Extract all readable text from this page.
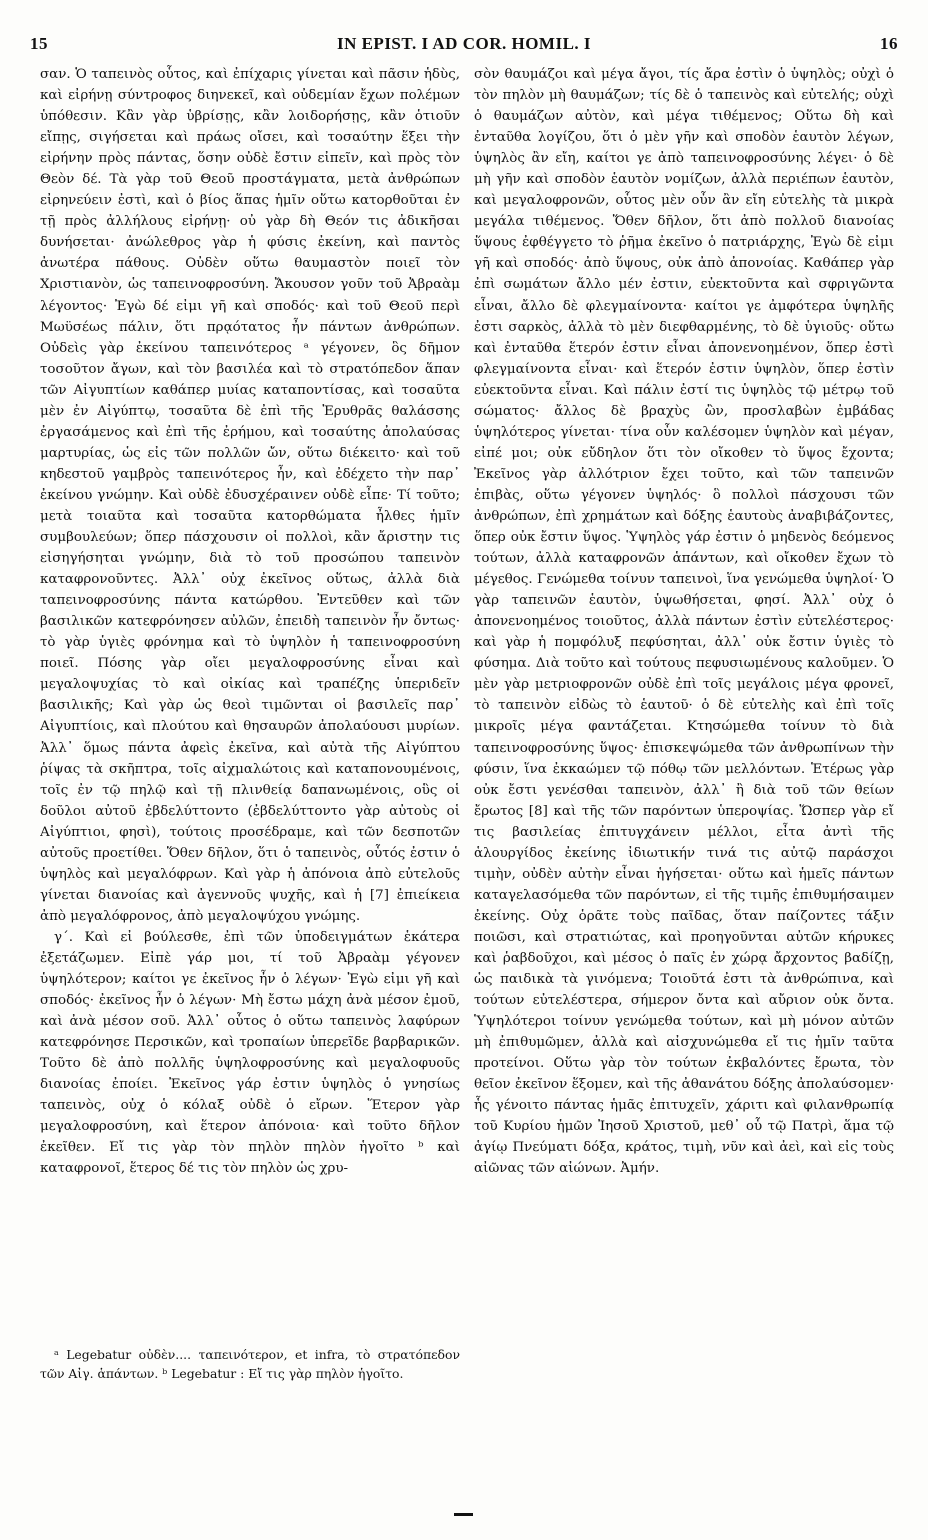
15	IN EPIST. I AD COR. HOMIL. I	16

σαν. Ὁ ταπεινὸς οὗτος, καὶ ἐπίχαρις γίνεται καὶ πᾶσιν ἡδὺς, καὶ εἰρήνῃ σύντροφος διηνεκεῖ, καὶ οὐδεμίαν ἔχων πολέμων ὑπόθεσιν. Κἂν γὰρ ὑβρίσῃς, κἂν λοιδορήσῃς, κἂν ὁτιοῦν εἴπῃς, σιγήσεται καὶ πράως οἴσει, καὶ τοσαύτην ἕξει τὴν εἰρήνην πρὸς πάντας, ὅσην οὐδὲ ἔστιν εἰπεῖν, καὶ πρὸς τὸν Θεὸν δέ. Τὰ γὰρ τοῦ Θεοῦ προστάγματα, μετὰ ἀνθρώπων εἰρηνεύειν ἐστὶ, καὶ ὁ βίος ἅπας ἡμῖν οὕτω κατορθοῦται ἐν τῇ πρὸς ἀλλήλους εἰρήνῃ· οὐ γὰρ δὴ Θεόν τις ἀδικῆσαι δυνήσεται· ἀνώλεθρος γὰρ ἡ φύσις ἐκείνη, καὶ παντὸς ἀνωτέρα πάθους. Οὐδὲν οὕτω θαυμαστὸν ποιεῖ τὸν Χριστιανὸν, ὡς ταπεινοφροσύνη. Ἄκουσον γοῦν τοῦ Ἀβραὰμ λέγοντος· Ἐγὼ δέ εἰμι γῆ καὶ σποδός· καὶ τοῦ Θεοῦ περὶ Μωϋσέως πάλιν, ὅτι πρᾳότατος ἦν πάντων ἀνθρώπων. Οὐδεὶς γὰρ ἐκείνου ταπεινότερος ᵃ γέγονεν, ὃς δῆμον τοσοῦτον ἄγων, καὶ τὸν βασιλέα καὶ τὸ στρατόπεδον ἅπαν τῶν Αἰγυπτίων καθάπερ μυίας καταποντίσας, καὶ τοσαῦτα μὲν ἐν Αἰγύπτῳ, τοσαῦτα δὲ ἐπὶ τῆς Ἐρυθρᾶς θαλάσσης ἐργασάμενος καὶ ἐπὶ τῆς ἐρήμου, καὶ τοσαύτης ἀπολαύσας μαρτυρίας, ὡς εἰς τῶν πολλῶν ὤν, οὕτω διέκειτο· καὶ τοῦ κηδεστοῦ γαμβρὸς ταπεινότερος ἦν, καὶ ἐδέχετο τὴν παρ᾽ ἐκείνου γνώμην. Καὶ οὐδὲ ἐδυσχέραινεν οὐδὲ εἶπε· Τί τοῦτο; μετὰ τοιαῦτα καὶ τοσαῦτα κατορθώματα ἦλθες ἡμῖν συμβουλεύων; ὅπερ πάσχουσιν οἱ πολλοὶ, κἂν ἄριστην τις εἰσηγήσηται γνώμην, διὰ τὸ τοῦ προσώπου ταπεινὸν καταφρονοῦντες. Ἀλλ᾽ οὐχ ἐκεῖνος οὕτως, ἀλλὰ διὰ ταπεινοφροσύνης πάντα κατώρθου. Ἐντεῦθεν καὶ τῶν βασιλικῶν κατεφρόνησεν αὐλῶν, ἐπειδὴ ταπεινὸν ἦν ὄντως· τὸ γὰρ ὑγιὲς φρόνημα καὶ τὸ ὑψηλὸν ἡ ταπεινοφροσύνη ποιεῖ. Πόσης γὰρ οἴει μεγαλοφροσύνης εἶναι καὶ μεγαλοψυχίας τὸ καὶ οἰκίας καὶ τραπέζης ὑπεριδεῖν βασιλικῆς; Καὶ γὰρ ὡς θεοὶ τιμῶνται οἱ βασιλεῖς παρ᾽ Αἰγυπτίοις, καὶ πλούτου καὶ θησαυρῶν ἀπολαύουσι μυρίων. Ἀλλ᾽ ὅμως πάντα ἀφεὶς ἐκεῖνα, καὶ αὐτὰ τῆς Αἰγύπτου ῥίψας τὰ σκῆπτρα, τοῖς αἰχμαλώτοις καὶ καταπονουμένοις, τοῖς ἐν τῷ πηλῷ καὶ τῇ πλινθείᾳ δαπανωμένοις, οὓς οἱ δοῦλοι αὐτοῦ ἐβδελύττοντο (ἐβδελύττοντο γὰρ αὐτοὺς οἱ Αἰγύπτιοι, φησὶ), τούτοις προσέδραμε, καὶ τῶν δεσποτῶν αὐτοῦς προετίθει. Ὅθεν δῆλον, ὅτι ὁ ταπεινὸς, οὗτός ἐστιν ὁ ὑψηλὸς καὶ μεγαλόφρων. Καὶ γὰρ ἡ ἀπόνοια ἀπὸ εὐτελοῦς γίνεται διανοίας καὶ ἀγεννοῦς ψυχῆς, καὶ ἡ [7] ἐπιείκεια ἀπὸ μεγαλόφρονος, ἀπὸ μεγαλοψύχου γνώμης.

γ΄. Καὶ εἰ βούλεσθε, ἐπὶ τῶν ὑποδειγμάτων ἑκάτερα ἐξετάζωμεν. Εἰπὲ γάρ μοι, τί τοῦ Ἀβραὰμ γέγονεν ὑψηλότερον; καίτοι γε ἐκεῖνος ἦν ὁ λέγων· Ἐγὼ εἰμι γῆ καὶ σποδός· ἐκεῖνος ἦν ὁ λέγων· Μὴ ἔστω μάχη ἀνὰ μέσον ἐμοῦ, καὶ ἀνὰ μέσον σοῦ. Ἀλλ᾽ οὗτος ὁ οὕτω ταπεινὸς λαφύρων κατεφρόνησε Περσικῶν, καὶ τροπαίων ὑπερεῖδε βαρβαρικῶν. Τοῦτο δὲ ἀπὸ πολλῆς ὑψηλοφροσύνης καὶ μεγαλοφυοῦς διανοίας ἐποίει. Ἐκεῖνος γάρ ἐστιν ὑψηλὸς ὁ γνησίως ταπεινὸς, οὐχ ὁ κόλαξ οὐδὲ ὁ εἴρων. Ἕτερον γὰρ μεγαλοφροσύνη, καὶ ἕτερον ἀπόνοια· καὶ τοῦτο δῆλον ἐκεῖθεν. Εἴ τις γὰρ τὸν πηλὸν πηλὸν ἡγοῖτο ᵇ καὶ καταφρονοῖ, ἕτερος δέ τις τὸν πηλὸν ὡς χρυ-

σὸν θαυμάζοι καὶ μέγα ἄγοι, τίς ἄρα ἐστὶν ὁ ὑψηλὸς; οὐχὶ ὁ τὸν πηλὸν μὴ θαυμάζων; τίς δὲ ὁ ταπεινὸς καὶ εὐτελής; οὐχὶ ὁ θαυμάζων αὐτὸν, καὶ μέγα τιθέμενος; Οὕτω δὴ καὶ ἐνταῦθα λογίζου, ὅτι ὁ μὲν γῆν καὶ σποδὸν ἑαυτὸν λέγων, ὑψηλὸς ἂν εἴη, καίτοι γε ἀπὸ ταπεινοφροσύνης λέγει· ὁ δὲ μὴ γῆν καὶ σποδὸν ἑαυτὸν νομίζων, ἀλλὰ περιέπων ἑαυτὸν, καὶ μεγαλοφρονῶν, οὗτος μὲν οὖν ἂν εἴη εὐτελὴς τὰ μικρὰ μεγάλα τιθέμενος. Ὅθεν δῆλον, ὅτι ἀπὸ πολλοῦ διανοίας ὕψους ἐφθέγγετο τὸ ῥῆμα ἐκεῖνο ὁ πατριάρχης, Ἐγὼ δὲ εἰμι γῆ καὶ σποδός· ἀπὸ ὕψους, οὐκ ἀπὸ ἀπονοίας. Καθάπερ γὰρ ἐπὶ σωμάτων ἄλλο μέν ἐστιν, εὐεκτοῦντα καὶ σφριγῶντα εἶναι, ἄλλο δὲ φλεγμαίνοντα· καίτοι γε ἀμφότερα ὑψηλῆς ἐστι σαρκὸς, ἀλλὰ τὸ μὲν διεφθαρμένης, τὸ δὲ ὑγιοῦς· οὕτω καὶ ἐνταῦθα ἕτερόν ἐστιν εἶναι ἀπονενοημένον, ὅπερ ἐστὶ φλεγμαίνοντα εἶναι· καὶ ἕτερόν ἐστιν ὑψηλὸν, ὅπερ ἐστὶν εὐεκτοῦντα εἶναι. Καὶ πάλιν ἐστί τις ὑψηλὸς τῷ μέτρῳ τοῦ σώματος· ἄλλος δὲ βραχὺς ὢν, προσλαβὼν ἐμβάδας ὑψηλότερος γίνεται· τίνα οὖν καλέσομεν ὑψηλὸν καὶ μέγαν, εἰπέ μοι; οὐκ εὔδηλον ὅτι τὸν οἴκοθεν τὸ ὕψος ἔχοντα; Ἐκεῖνος γὰρ ἀλλότριον ἔχει τοῦτο, καὶ τῶν ταπεινῶν ἐπιβὰς, οὕτω γέγονεν ὑψηλός· ὃ πολλοὶ πάσχουσι τῶν ἀνθρώπων, ἐπὶ χρημάτων καὶ δόξης ἑαυτοὺς ἀναβιβάζοντες, ὅπερ οὐκ ἔστιν ὕψος. Ὑψηλὸς γάρ ἐστιν ὁ μηδενὸς δεόμενος τούτων, ἀλλὰ καταφρονῶν ἁπάντων, καὶ οἴκοθεν ἔχων τὸ μέγεθος. Γενώμεθα τοίνυν ταπεινοὶ, ἵνα γενώμεθα ὑψηλοί· Ὁ γὰρ ταπεινῶν ἑαυτὸν, ὑψωθήσεται, φησί. Ἀλλ᾽ οὐχ ὁ ἀπονενοημένος τοιοῦτος, ἀλλὰ πάντων ἐστὶν εὐτελέστερος· καὶ γὰρ ἡ πομφόλυξ πεφύσηται, ἀλλ᾽ οὐκ ἔστιν ὑγιὲς τὸ φύσημα. Διὰ τοῦτο καὶ τούτους πεφυσιωμένους καλοῦμεν. Ὁ μὲν γὰρ μετριοφρονῶν οὐδὲ ἐπὶ τοῖς μεγάλοις μέγα φρονεῖ, τὸ ταπεινὸν εἰδὼς τὸ ἑαυτοῦ· ὁ δὲ εὐτελὴς καὶ ἐπὶ τοῖς μικροῖς μέγα φαντάζεται. Κτησώμεθα τοίνυν τὸ διὰ ταπεινοφροσύνης ὕψος· ἐπισκεψώμεθα τῶν ἀνθρωπίνων τὴν φύσιν, ἵνα ἐκκαώμεν τῷ πόθῳ τῶν μελλόντων. Ἑτέρως γὰρ οὐκ ἔστι γενέσθαι ταπεινὸν, ἀλλ᾽ ἢ διὰ τοῦ τῶν θείων ἔρωτος [8] καὶ τῆς τῶν παρόντων ὑπεροψίας. Ὥσπερ γὰρ εἴ τις βασιλείας ἐπιτυγχάνειν μέλλοι, εἶτα ἀντὶ τῆς ἁλουργίδος ἐκείνης ἰδιωτικήν τινά τις αὐτῷ παράσχοι τιμὴν, οὐδὲν αὐτὴν εἶναι ἡγήσεται· οὕτω καὶ ἡμεῖς πάντων καταγελασόμεθα τῶν παρόντων, εἰ τῆς τιμῆς ἐπιθυμήσαιμεν ἐκείνης. Οὐχ ὁρᾶτε τοὺς παῖδας, ὅταν παίζοντες τάξιν ποιῶσι, καὶ στρατιώτας, καὶ προηγοῦνται αὐτῶν κήρυκες καὶ ῥαβδοῦχοι, καὶ μέσος ὁ παῖς ἐν χώρᾳ ἄρχοντος βαδίζῃ, ὡς παιδικὰ τὰ γινόμενα; Τοιοῦτά ἐστι τὰ ἀνθρώπινα, καὶ τούτων εὐτελέστερα, σήμερον ὄντα καὶ αὔριον οὐκ ὄντα. Ὑψηλότεροι τοίνυν γενώμεθα τούτων, καὶ μὴ μόνον αὐτῶν μὴ ἐπιθυμῶμεν, ἀλλὰ καὶ αἰσχυνώμεθα εἴ τις ἡμῖν ταῦτα προτείνοι. Οὕτω γὰρ τὸν τούτων ἐκβαλόντες ἔρωτα, τὸν θεῖον ἐκεῖνον ἕξομεν, καὶ τῆς ἀθανάτου δόξης ἀπολαύσομεν· ἧς γένοιτο πάντας ἡμᾶς ἐπιτυχεῖν, χάριτι καὶ φιλανθρωπίᾳ τοῦ Κυρίου ἡμῶν Ἰησοῦ Χριστοῦ, μεθ᾽ οὗ τῷ Πατρὶ, ἅμα τῷ ἁγίῳ Πνεύματι δόξα, κράτος, τιμὴ, νῦν καὶ ἀεὶ, καὶ εἰς τοὺς αἰῶνας τῶν αἰώνων. Ἀμήν.

ᵃ Legebatur οὐδὲν.... ταπεινότερον, et infra, τὸ στρατόπεδον τῶν Αἰγ. ἁπάντων. ᵇ Legebatur : Εἴ τις γὰρ πηλὸν ἡγοῖτο.
